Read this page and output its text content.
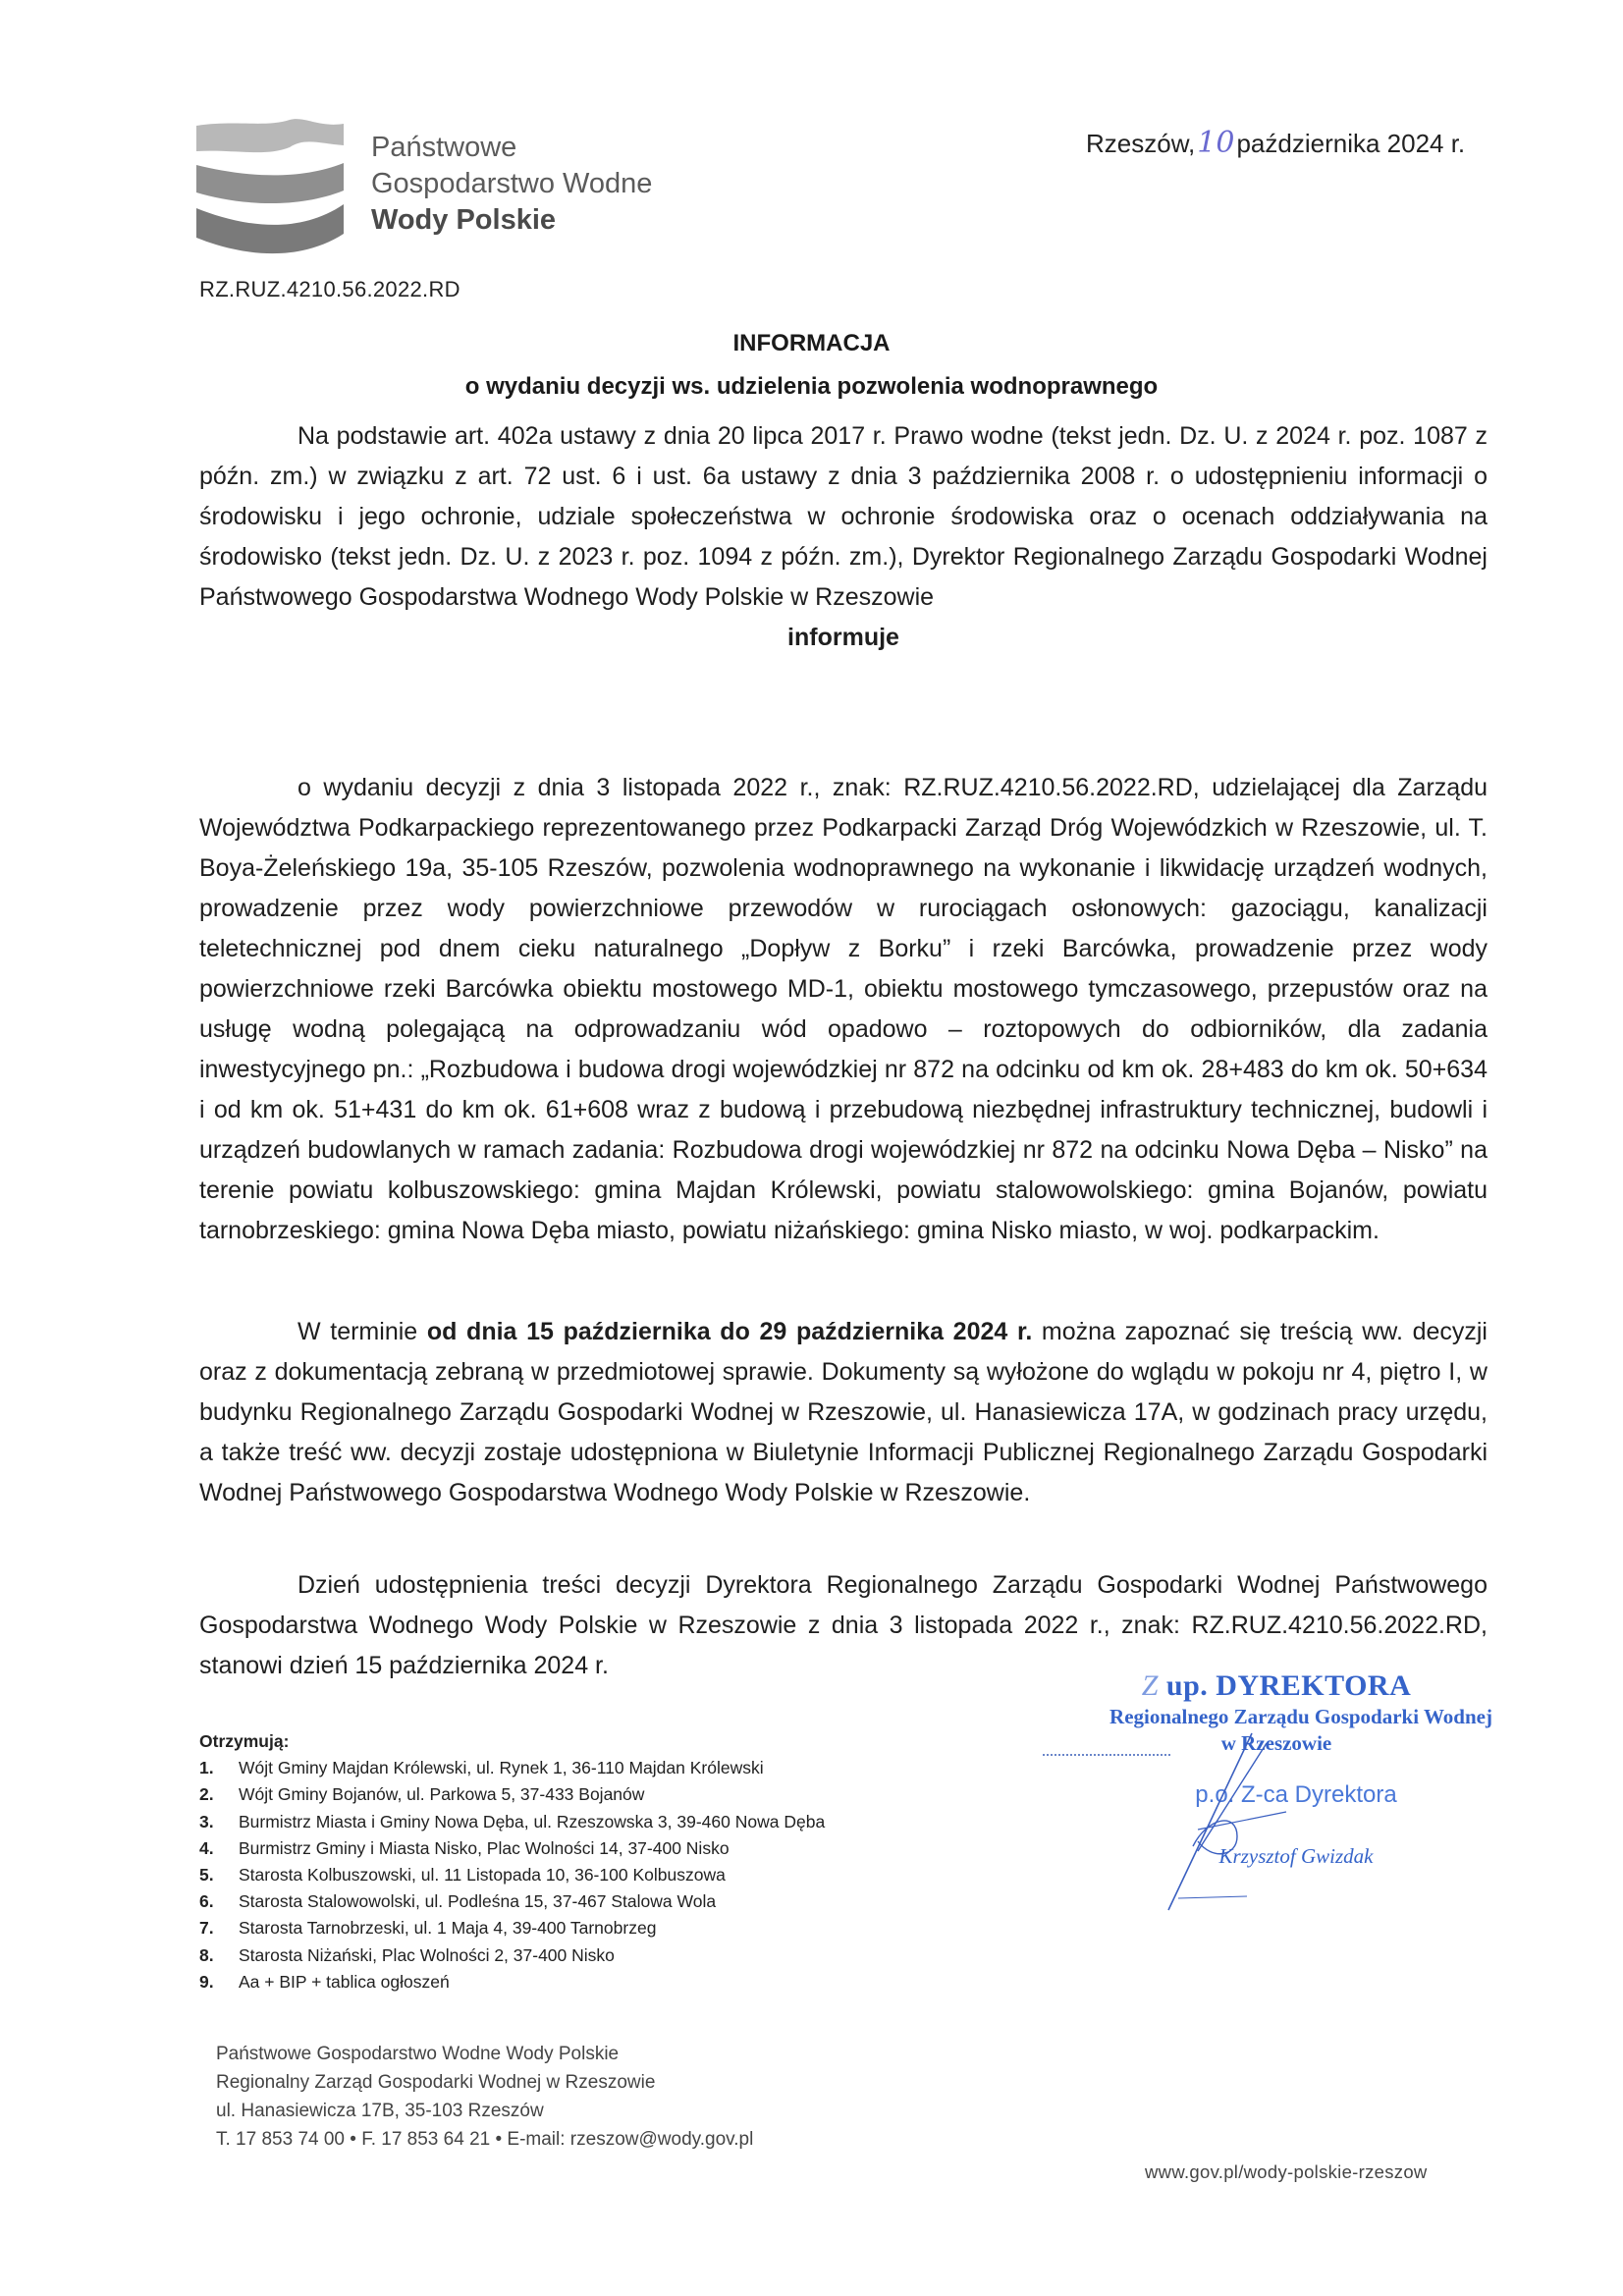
Państwowe
Gospodarstwo Wodne
Wody Polskie
Rzeszów,10października 2024 r.
RZ.RUZ.4210.56.2022.RD
INFORMACJA
o wydaniu decyzji ws. udzielenia pozwolenia wodnoprawnego

Na podstawie art. 402a ustawy z dnia 20 lipca 2017 r. Prawo wodne (tekst jedn. Dz. U. z 2024 r. poz. 1087 z późn. zm.) w związku z art. 72 ust. 6 i ust. 6a ustawy z dnia 3 października 2008 r. o udostępnieniu informacji o środowisku i jego ochronie, udziale społeczeństwa w ochronie środowiska oraz o ocenach oddziaływania na środowisko (tekst jedn. Dz. U. z 2023 r. poz. 1094 z późn. zm.), Dyrektor Regionalnego Zarządu Gospodarki Wodnej Państwowego Gospodarstwa Wodnego Wody Polskie w Rzeszowie

informuje

o wydaniu decyzji z dnia 3 listopada 2022 r., znak: RZ.RUZ.4210.56.2022.RD, udzielającej dla Zarządu Województwa Podkarpackiego reprezentowanego przez Podkarpacki Zarząd Dróg Wojewódzkich w Rzeszowie, ul. T. Boya-Żeleńskiego 19a, 35-105 Rzeszów, pozwolenia wodnoprawnego na wykonanie i likwidację urządzeń wodnych, prowadzenie przez wody powierzchniowe przewodów w rurociągach osłonowych: gazociągu, kanalizacji teletechnicznej pod dnem cieku naturalnego „Dopływ z Borku” i rzeki Barcówka, prowadzenie przez wody powierzchniowe rzeki Barcówka obiektu mostowego MD-1, obiektu mostowego tymczasowego, przepustów oraz na usługę wodną polegającą na odprowadzaniu wód opadowo – roztopowych do odbiorników, dla zadania inwestycyjnego pn.: „Rozbudowa i budowa drogi wojewódzkiej nr 872 na odcinku od km ok. 28+483 do km ok. 50+634 i od km ok. 51+431 do km ok. 61+608 wraz z budową i przebudową niezbędnej infrastruktury technicznej, budowli i urządzeń budowlanych w ramach zadania: Rozbudowa drogi wojewódzkiej nr 872 na odcinku Nowa Dęba – Nisko” na terenie powiatu kolbuszowskiego: gmina Majdan Królewski, powiatu stalowowolskiego: gmina Bojanów, powiatu tarnobrzeskiego: gmina Nowa Dęba miasto, powiatu niżańskiego: gmina Nisko miasto, w woj. podkarpackim.

W terminie od dnia 15 października do 29 października 2024 r. można zapoznać się treścią ww. decyzji oraz z dokumentacją zebraną w przedmiotowej sprawie. Dokumenty są wyłożone do wglądu w pokoju nr 4, piętro I, w budynku Regionalnego Zarządu Gospodarki Wodnej w Rzeszowie, ul. Hanasiewicza 17A, w godzinach pracy urzędu, a także treść ww. decyzji zostaje udostępniona w Biuletynie Informacji Publicznej Regionalnego Zarządu Gospodarki Wodnej Państwowego Gospodarstwa Wodnego Wody Polskie w Rzeszowie.

Dzień udostępnienia treści decyzji Dyrektora Regionalnego Zarządu Gospodarki Wodnej Państwowego Gospodarstwa Wodnego Wody Polskie w Rzeszowie z dnia 3 listopada 2022 r., znak: RZ.RUZ.4210.56.2022.RD, stanowi dzień 15 października 2024 r.

Otrzymują:
1.	Wójt Gminy Majdan Królewski, ul. Rynek 1, 36-110 Majdan Królewski
2.	Wójt Gminy Bojanów, ul. Parkowa 5, 37-433 Bojanów
3.	Burmistrz Miasta i Gminy Nowa Dęba, ul. Rzeszowska 3, 39-460 Nowa Dęba
4.	Burmistrz Gminy i Miasta Nisko, Plac Wolności 14, 37-400 Nisko
5.	Starosta Kolbuszowski, ul. 11 Listopada 10, 36-100 Kolbuszowa
6.	Starosta Stalowowolski, ul. Podleśna 15, 37-467 Stalowa Wola
7.	Starosta Tarnobrzeski, ul. 1 Maja 4, 39-400 Tarnobrzeg
8.	Starosta Niżański, Plac Wolności 2, 37-400 Nisko
9.	Aa + BIP + tablica ogłoszeń
Z up. DYREKTORA
Regionalnego Zarządu Gospodarki Wodnej
w Rzeszowie
p.o. Z-ca Dyrektora
Krzysztof Gwizdak
Państwowe Gospodarstwo Wodne Wody Polskie
Regionalny Zarząd Gospodarki Wodnej w Rzeszowie
ul. Hanasiewicza 17B, 35-103 Rzeszów
T. 17 853 74 00 • F. 17 853 64 21 • E-mail: rzeszow@wody.gov.pl
www.gov.pl/wody-polskie-rzeszow
